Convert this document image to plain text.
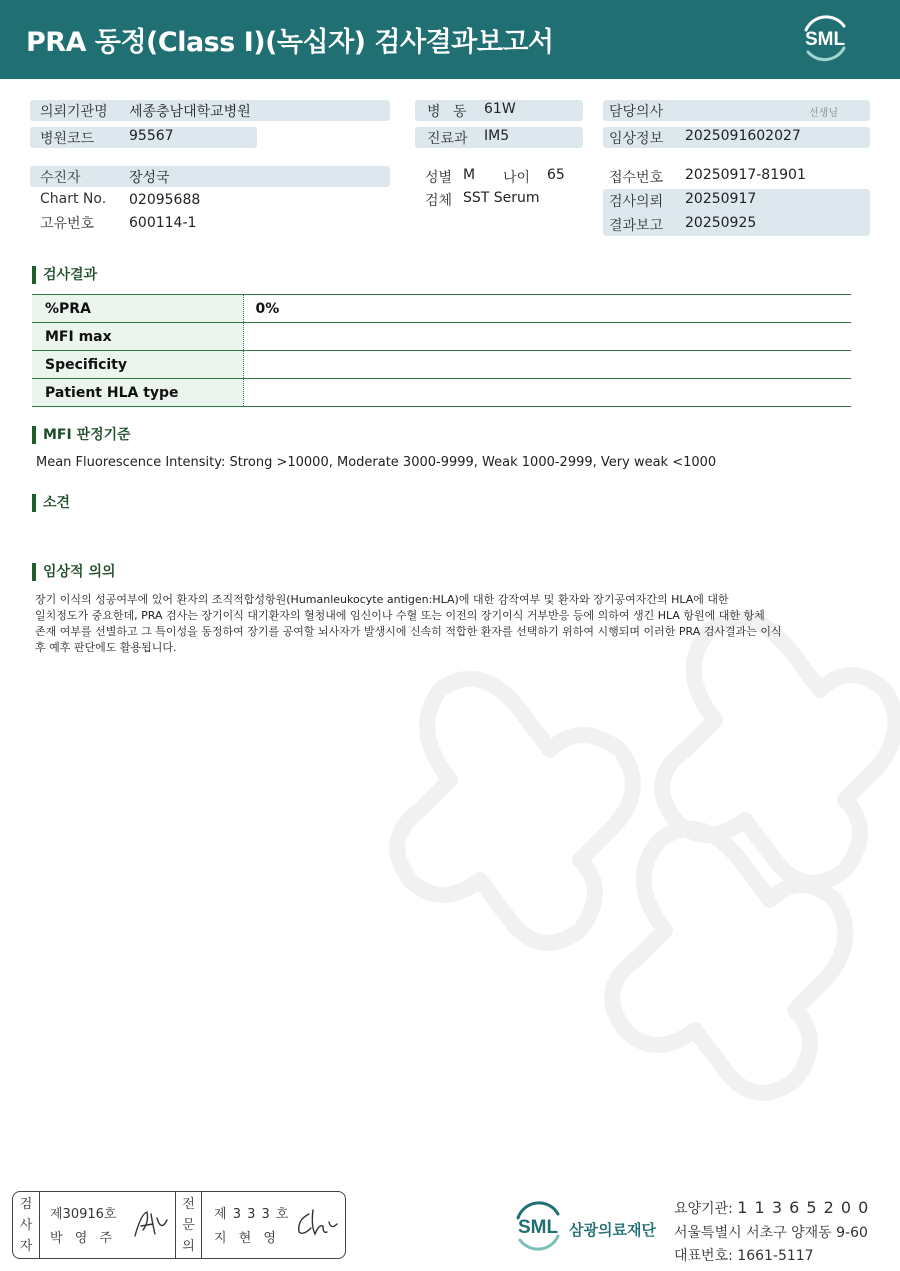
PRA 동정(Class I)(녹십자) 검사결과보고서	SML
의뢰기관명 세종충남대학교병원
병원코드 95567
병 동 61W
진료과 IM5
담당의사	선생님
임상정보 2025091602027
수진자	장성국
Chart No. 02095688
고유번호 600114-1
성별 M 나이 65
검체 SST Serum
접수번호 20250917-81901
검사의뢰 20250917
결과보고 20250925
검사결과
%PRA	0%
MFI max	
Specificity	
Patient HLA type	
MFI 판정기준
Mean Fluorescence Intensity: Strong >10000, Moderate 3000-9999, Weak 1000-2999, Very weak <1000
소견
임상적 의의
장기 이식의 성공여부에 있어 환자의 조직적합성항원(Humanleukocyte antigen:HLA)에 대한 감작여부 및 환자와 장기공여자간의 HLA에 대한
일치정도가 중요한데, PRA 검사는 장기이식 대기환자의 혈청내에 임신이나 수혈 또는 이전의 장기이식 거부반응 등에 의하여 생긴 HLA 항원에 대한 항체
존재 여부를 선별하고 그 특이성을 동정하여 장기를 공여할 뇌사자가 발생시에 신속히 적합한 환자를 선택하기 위하여 시행되며 이러한 PRA 검사결과는 이식
후 예후 판단에도 활용됩니다.
검
사
자
제30916호
박 영 주
전
문
의
제 3 3 3 호
지 현 영
SML 삼광의료재단
요양기관: 1 1 3 6 5 2 0 0
서울특별시 서초구 양재동 9-60
대표번호: 1661-5117
